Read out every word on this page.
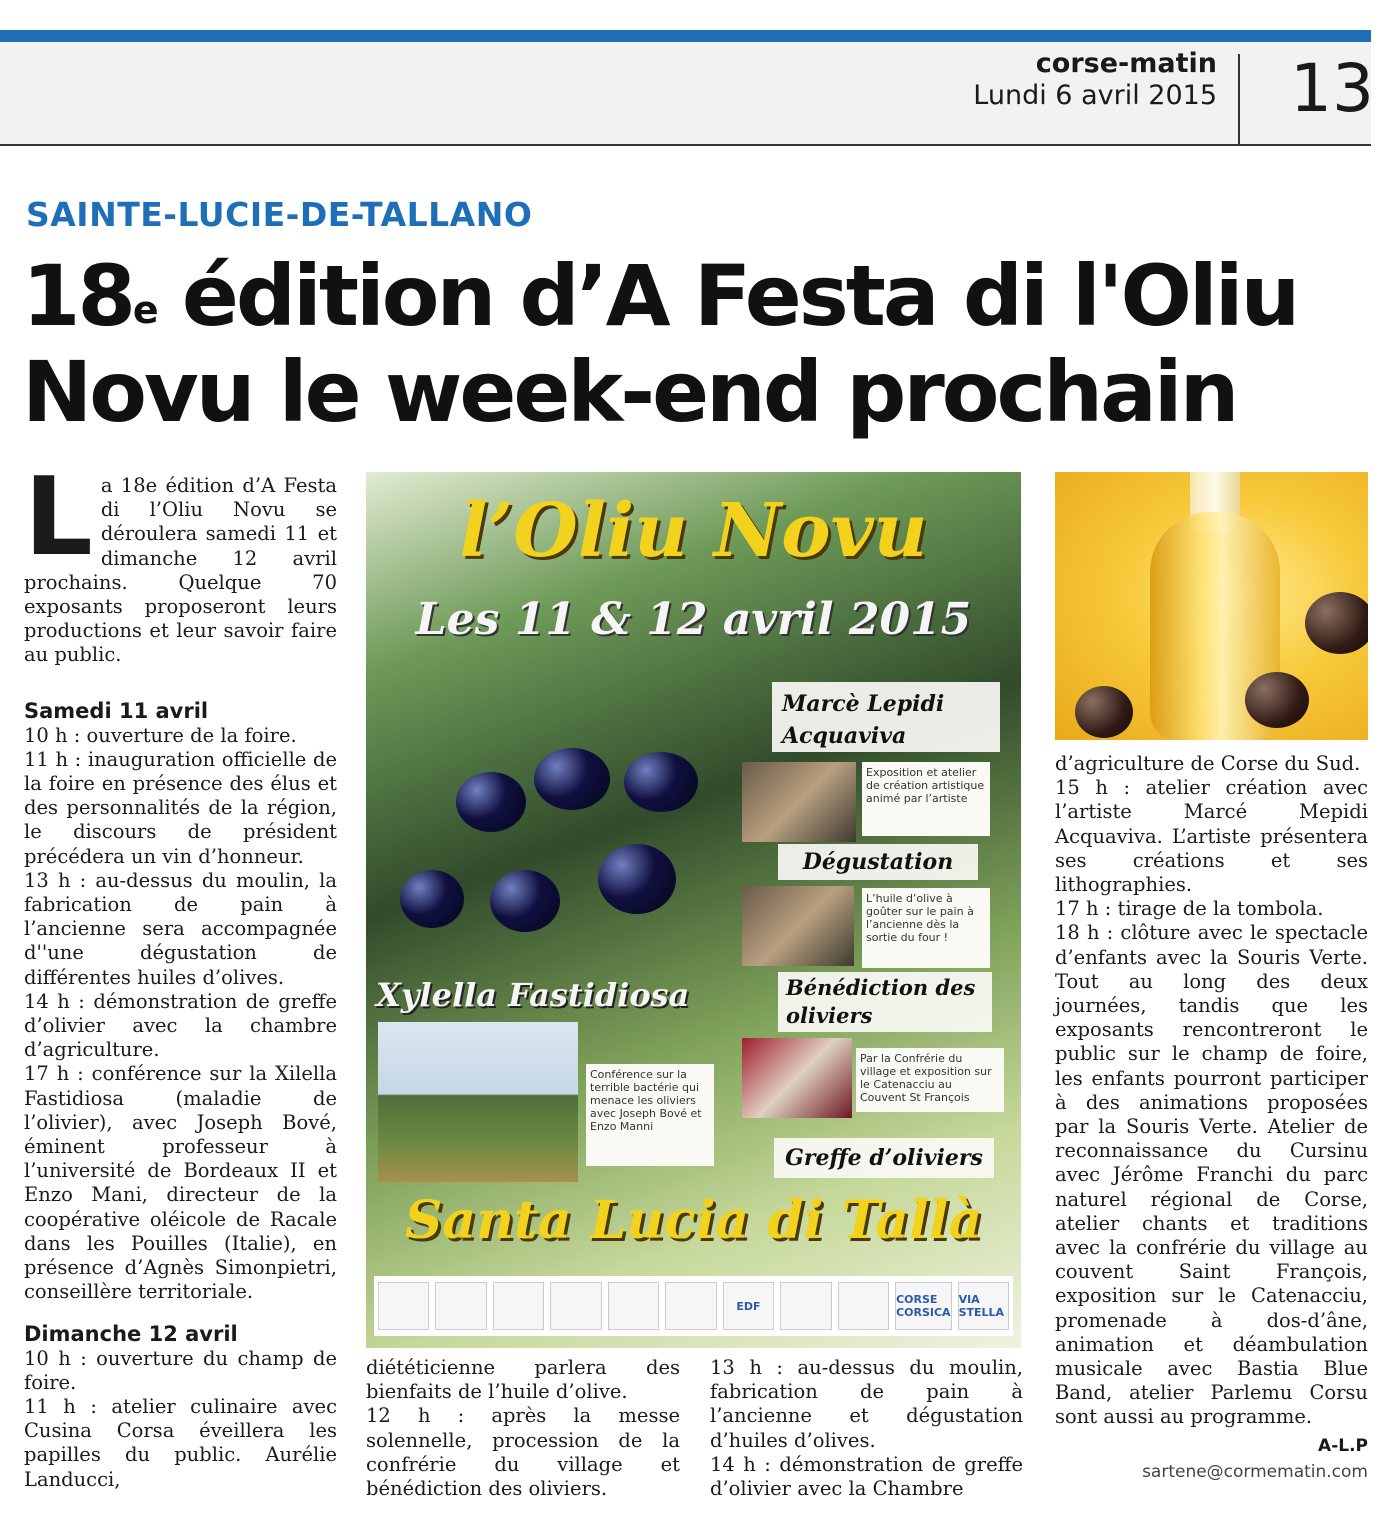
corse-matin
Lundi 6 avril 2015 13
SAINTE-LUCIE-DE-TALLANO
18e édition d’A Festa di l'Oliu Novu le week-end prochain

La 18e édition d’A Festa di l’Oliu Novu se déroulera samedi 11 et dimanche 12 avril prochains. Quelque 70 exposants proposeront leurs productions et leur savoir faire au public.

Samedi 11 avril

10 h : ouverture de la foire.

11 h : inauguration officielle de la foire en présence des élus et des personnalités de la région, le discours de président précédera un vin d’honneur.

13 h : au-dessus du moulin, la fabrication de pain à l’ancienne sera accompagnée d''une dégustation de différentes huiles d’olives.

14 h : démonstration de greffe d’olivier avec la chambre d’agriculture.

17 h : conférence sur la Xilella Fastidiosa (maladie de l’olivier), avec Joseph Bové, éminent professeur à l’université de Bordeaux II et Enzo Mani, directeur de la coopérative oléicole de Racale dans les Pouilles (Italie), en présence d’Agnès Simonpietri, conseillère territoriale.

Dimanche 12 avril

10 h : ouverture du champ de foire.

11 h : atelier culinaire avec Cusina Corsa éveillera les papilles du public. Aurélie Landucci,

l’Oliu Novu
Les 11 & 12 avril 2015
Marcè Lepidi Acquaviva
Exposition et atelier de création artistique animé par l’artiste
Dégustation
L’huile d’olive à goûter sur le pain à l’ancienne dès la sortie du four !
Xylella Fastidiosa	Bénédiction des oliviers
Par la Confrérie du village et exposition sur le Catenacciu au Couvent St François
Conférence sur la terrible bactérie qui menace les oliviers avec Joseph Bové et Enzo Manni
Greffe d’oliviers
Santa Lucia di Tallà
EDF	CORSE CORSICA
VIA STELLA

diététicienne parlera des bienfaits de l’huile d’olive.

12 h : après la messe solennelle, procession de la confrérie du village et bénédiction des oliviers.

13 h : au-dessus du moulin, fabrication de pain à l’ancienne et dégustation d’huiles d’olives.

14 h : démonstration de greffe d’olivier avec la Chambre

d’agriculture de Corse du Sud.

15 h : atelier création avec l’artiste Marcé Mepidi Acquaviva. L’artiste présentera ses créations et ses lithographies.

17 h : tirage de la tombola.

18 h : clôture avec le spectacle d’enfants avec la Souris Verte. Tout au long des deux journées, tandis que les exposants rencontreront le public sur le champ de foire, les enfants pourront participer à des animations proposées par la Souris Verte. Atelier de reconnaissance du Cursinu avec Jérôme Franchi du parc naturel régional de Corse, atelier chants et traditions avec la confrérie du village au couvent Saint François, exposition sur le Catenacciu, promenade à dos-d’âne, animation et déambulation musicale avec Bastia Blue Band, atelier Parlemu Corsu sont aussi au programme.

A-L.P
sartene@cormematin.com
